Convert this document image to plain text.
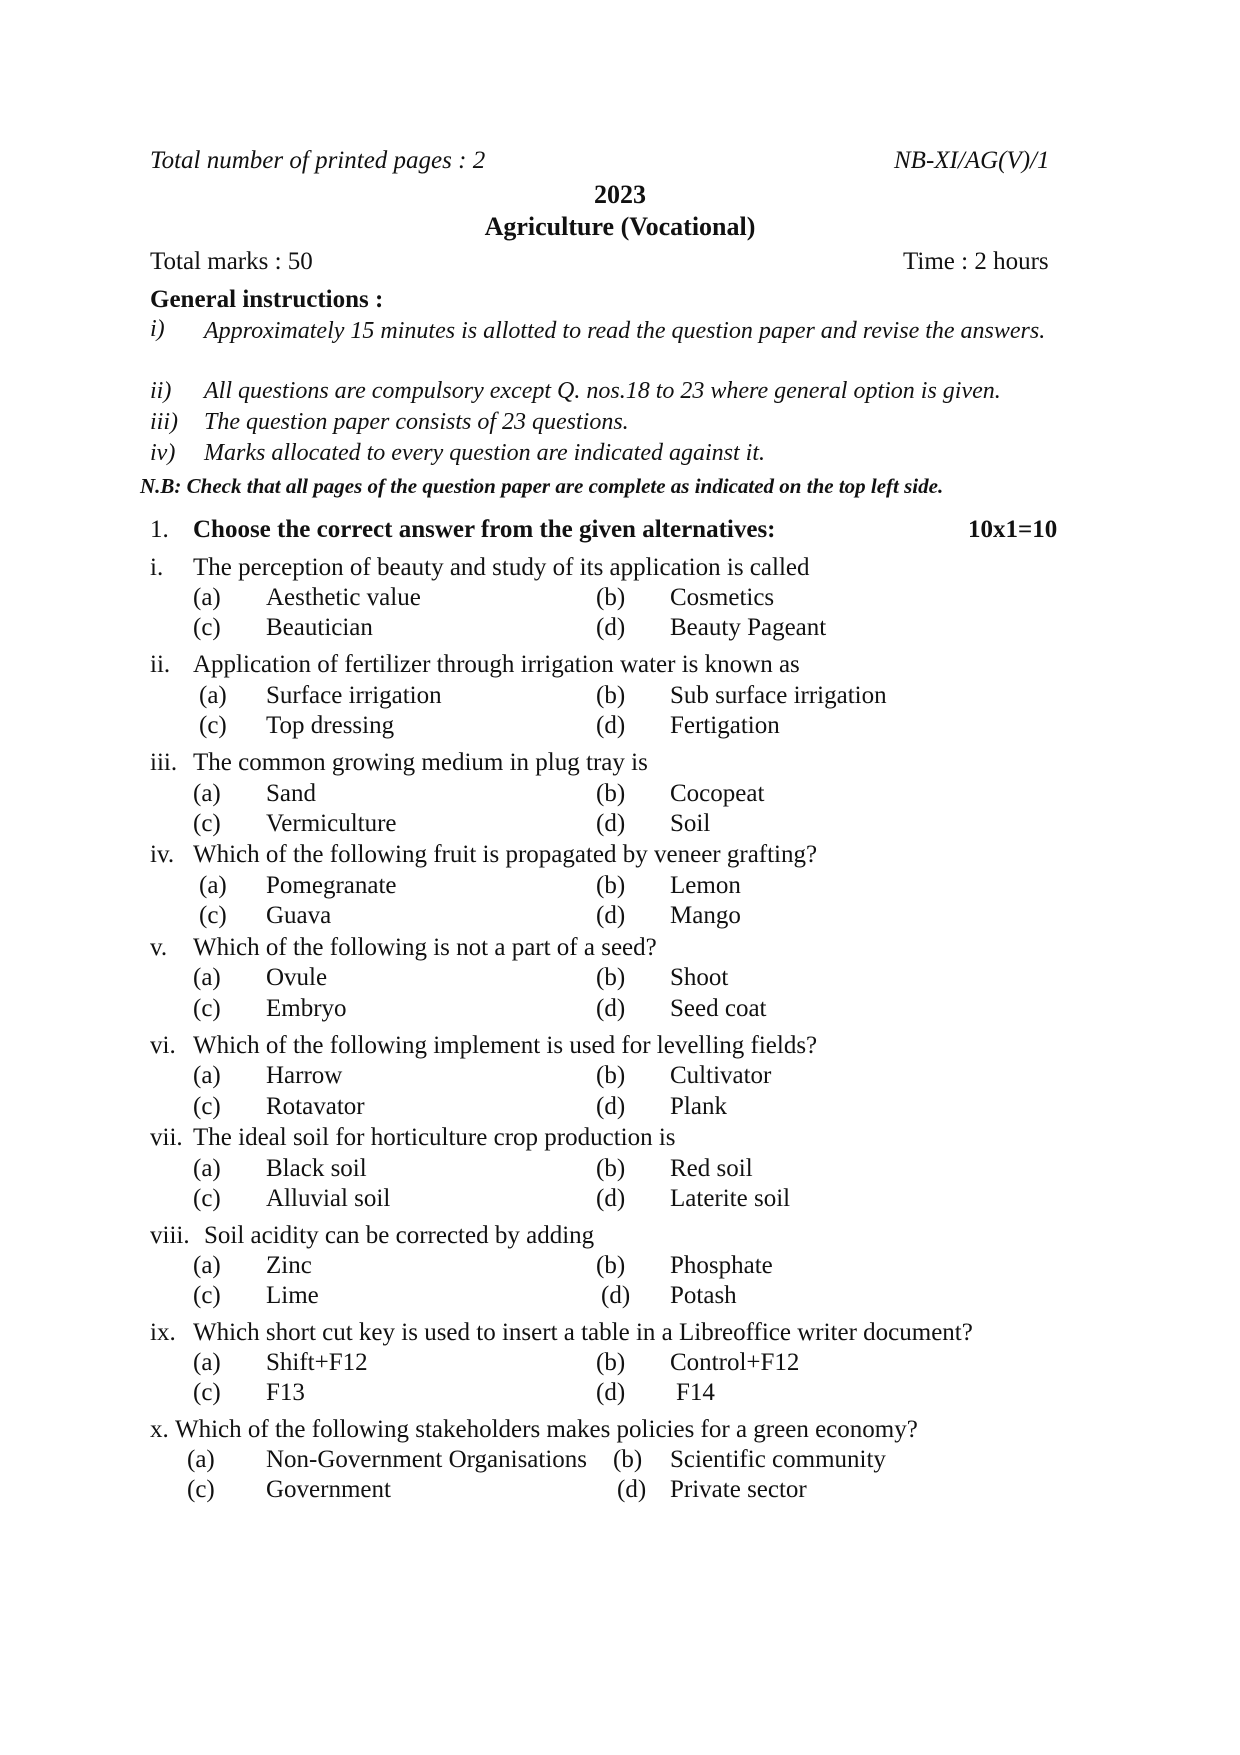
Total number of printed pages : 2	NB-XI/AG(V)/1
2023
Agriculture (Vocational)
Total marks : 50	Time : 2 hours
General instructions :
i) Approximately 15 minutes is allotted to read the question paper and revise the answers.
ii) All questions are compulsory except Q. nos.18 to 23 where general option is given.
iii) The question paper consists of 23 questions.
iv) Marks allocated to every question are indicated against it.
N.B: Check that all pages of the question paper are complete as indicated on the top left side.
1. Choose the correct answer from the given alternatives:	10x1=10
i. The perception of beauty and study of its application is called
(a) Aesthetic value	(b) Cosmetics
(c) Beautician	(d) Beauty Pageant
ii. Application of fertilizer through irrigation water is known as
(a) Surface irrigation	(b) Sub surface irrigation
(c) Top dressing	(d) Fertigation
iii. The common growing medium in plug tray is
(a) Sand	(b) Cocopeat
(c) Vermiculture	(d) Soil
iv. Which of the following fruit is propagated by veneer grafting?
(a) Pomegranate	(b) Lemon
(c) Guava	(d) Mango
v. Which of the following is not a part of a seed?
(a) Ovule	(b) Shoot
(c) Embryo	(d) Seed coat
vi. Which of the following implement is used for levelling fields?
(a) Harrow	(b) Cultivator
(c) Rotavator	(d) Plank
vii. The ideal soil for horticulture crop production is
(a) Black soil	(b) Red soil
(c) Alluvial soil	(d) Laterite soil
viii. Soil acidity can be corrected by adding
(a) Zinc	(b) Phosphate
(c) Lime	(d) Potash
ix. Which short cut key is used to insert a table in a Libreoffice writer document?
(a) Shift+F12	(b) Control+F12
(c) F13	(d) F14
x. Which of the following stakeholders makes policies for a green economy?
(a) Non-Government Organisations (b) Scientific community
(c) Government	(d) Private sector
